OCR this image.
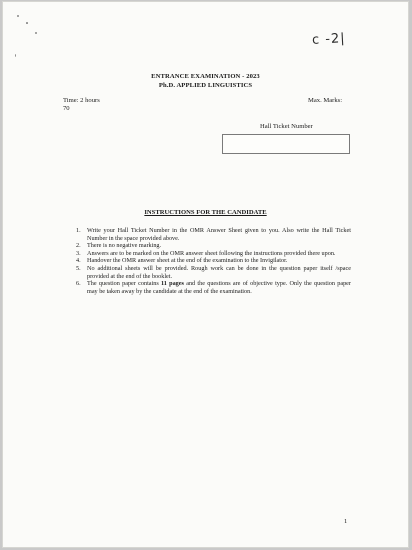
c -2|
ENTRANCE EXAMINATION - 2023
Ph.D. APPLIED LINGUISTICS
Time: 2 hours
70
Max. Marks:
Hall Ticket Number
INSTRUCTIONS FOR THE CANDIDATE
1. Write your Hall Ticket Number in the OMR Answer Sheet given to you. Also write the Hall Ticket Number in the space provided above.
2. There is no negative marking.
3. Answers are to be marked on the OMR answer sheet following the instructions provided there upon.
4. Handover the OMR answer sheet at the end of the examination to the Invigilator.
5. No additional sheets will be provided. Rough work can be done in the question paper itself /space provided at the end of the booklet.
6. The question paper contains 11 pages and the questions are of objective type. Only the question paper may be taken away by the candidate at the end of the examination.
1
